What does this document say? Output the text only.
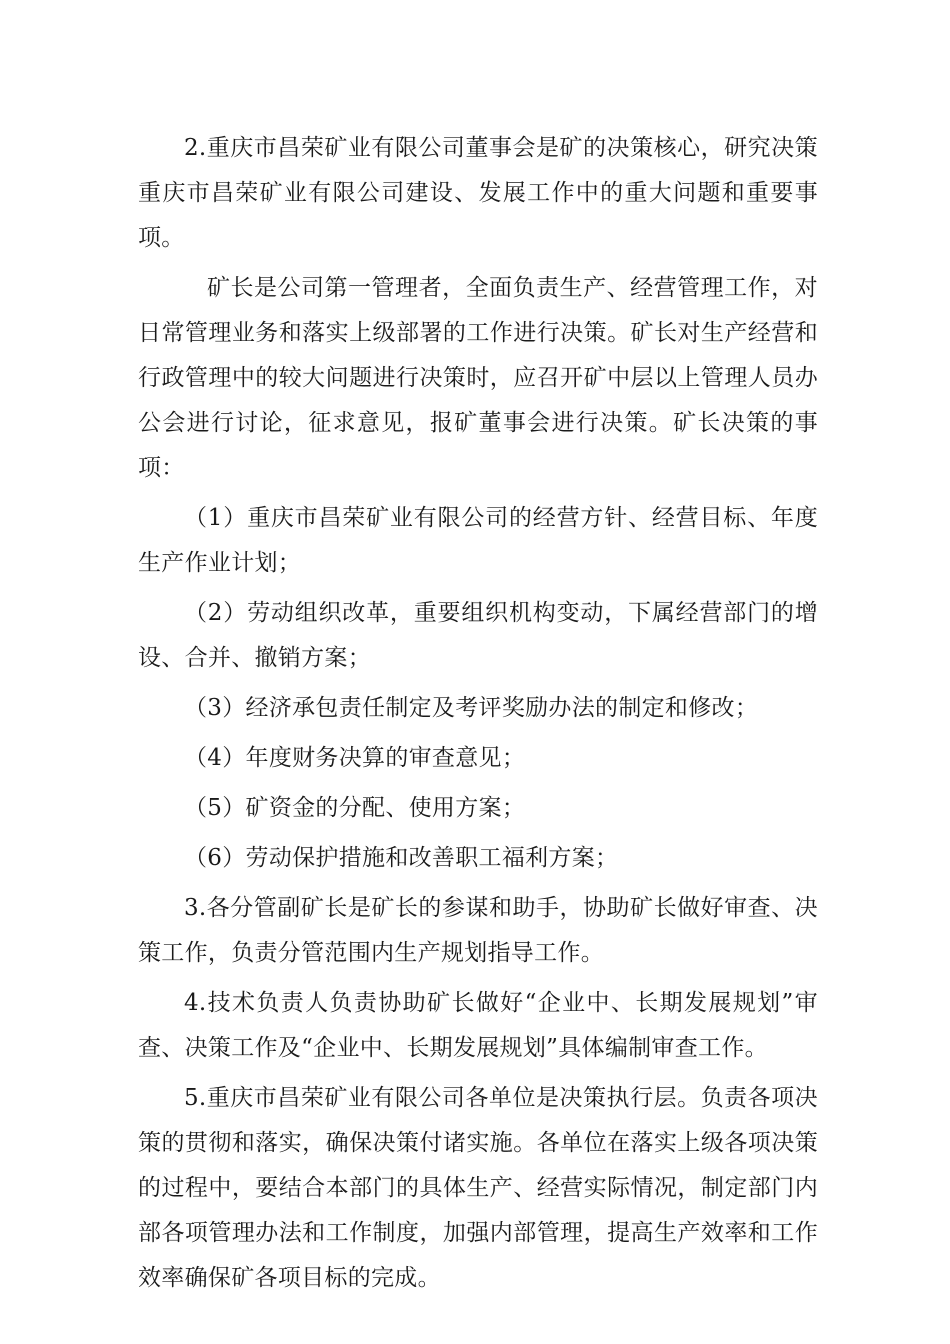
2.重庆市昌荣矿业有限公司董事会是矿的决策核心，研究决策重庆市昌荣矿业有限公司建设、发展工作中的重大问题和重要事项。

矿长是公司第一管理者，全面负责生产、经营管理工作，对日常管理业务和落实上级部署的工作进行决策。矿长对生产经营和行政管理中的较大问题进行决策时，应召开矿中层以上管理人员办公会进行讨论，征求意见，报矿董事会进行决策。矿长决策的事项：

（1）重庆市昌荣矿业有限公司的经营方针、经营目标、年度生产作业计划；

（2）劳动组织改革，重要组织机构变动，下属经营部门的增设、合并、撤销方案；

（3）经济承包责任制定及考评奖励办法的制定和修改；

（4）年度财务决算的审查意见；

（5）矿资金的分配、使用方案；

（6）劳动保护措施和改善职工福利方案；

3.各分管副矿长是矿长的参谋和助手，协助矿长做好审查、决策工作，负责分管范围内生产规划指导工作。

4.技术负责人负责协助矿长做好“企业中、长期发展规划”审查、决策工作及“企业中、长期发展规划”具体编制审查工作。

5.重庆市昌荣矿业有限公司各单位是决策执行层。负责各项决策的贯彻和落实，确保决策付诸实施。各单位在落实上级各项决策的过程中，要结合本部门的具体生产、经营实际情况，制定部门内部各项管理办法和工作制度，加强内部管理，提高生产效率和工作效率确保矿各项目标的完成。
